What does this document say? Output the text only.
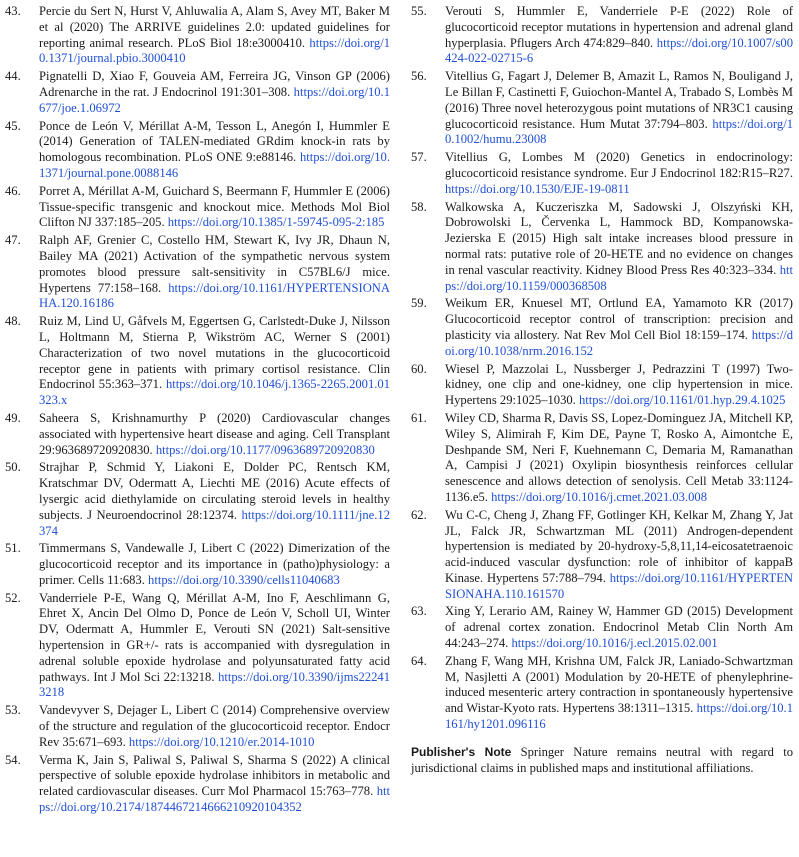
43. Percie du Sert N, Hurst V, Ahluwalia A, Alam S, Avey MT, Baker M et al (2020) The ARRIVE guidelines 2.0: updated guidelines for reporting animal research. PLoS Biol 18:e3000410. https://doi.org/10.1371/journal.pbio.3000410
44. Pignatelli D, Xiao F, Gouveia AM, Ferreira JG, Vinson GP (2006) Adrenarche in the rat. J Endocrinol 191:301–308. https://doi.org/10.1677/joe.1.06972
45. Ponce de León V, Mérillat A-M, Tesson L, Anegón I, Hummler E (2014) Generation of TALEN-mediated GRdim knock-in rats by homologous recombination. PLoS ONE 9:e88146. https://doi.org/10.1371/journal.pone.0088146
46. Porret A, Mérillat A-M, Guichard S, Beermann F, Hummler E (2006) Tissue-specific transgenic and knockout mice. Methods Mol Biol Clifton NJ 337:185–205. https://doi.org/10.1385/1-59745-095-2:185
47. Ralph AF, Grenier C, Costello HM, Stewart K, Ivy JR, Dhaun N, Bailey MA (2021) Activation of the sympathetic nervous system promotes blood pressure salt-sensitivity in C57BL6/J mice. Hypertens 77:158–168. https://doi.org/10.1161/HYPERTENSIONAHA.120.16186
48. Ruiz M, Lind U, Gåfvels M, Eggertsen G, Carlstedt-Duke J, Nilsson L, Holtmann M, Stierna P, Wikström AC, Werner S (2001) Characterization of two novel mutations in the glucocorticoid receptor gene in patients with primary cortisol resistance. Clin Endocrinol 55:363–371. https://doi.org/10.1046/j.1365-2265.2001.01323.x
49. Saheera S, Krishnamurthy P (2020) Cardiovascular changes associated with hypertensive heart disease and aging. Cell Transplant 29:963689720920830. https://doi.org/10.1177/0963689720920830
50. Strajhar P, Schmid Y, Liakoni E, Dolder PC, Rentsch KM, Kratschmar DV, Odermatt A, Liechti ME (2016) Acute effects of lysergic acid diethylamide on circulating steroid levels in healthy subjects. J Neuroendocrinol 28:12374. https://doi.org/10.1111/jne.12374
51. Timmermans S, Vandewalle J, Libert C (2022) Dimerization of the glucocorticoid receptor and its importance in (patho)physiology: a primer. Cells 11:683. https://doi.org/10.3390/cells11040683
52. Vanderriele P-E, Wang Q, Mérillat A-M, Ino F, Aeschlimann G, Ehret X, Ancin Del Olmo D, Ponce de León V, Scholl UI, Winter DV, Odermatt A, Hummler E, Verouti SN (2021) Salt-sensitive hypertension in GR+/- rats is accompanied with dysregulation in adrenal soluble epoxide hydrolase and polyunsaturated fatty acid pathways. Int J Mol Sci 22:13218. https://doi.org/10.3390/ijms222413218
53. Vandevyver S, Dejager L, Libert C (2014) Comprehensive overview of the structure and regulation of the glucocorticoid receptor. Endocr Rev 35:671–693. https://doi.org/10.1210/er.2014-1010
54. Verma K, Jain S, Paliwal S, Paliwal S, Sharma S (2022) A clinical perspective of soluble epoxide hydrolase inhibitors in metabolic and related cardiovascular diseases. Curr Mol Pharmacol 15:763–778. https://doi.org/10.2174/1874467214666210920104352
55. Verouti S, Hummler E, Vanderriele P-E (2022) Role of glucocorticoid receptor mutations in hypertension and adrenal gland hyperplasia. Pflugers Arch 474:829–840. https://doi.org/10.1007/s00424-022-02715-6
56. Vitellius G, Fagart J, Delemer B, Amazit L, Ramos N, Bouligand J, Le Billan F, Castinetti F, Guiochon-Mantel A, Trabado S, Lombès M (2016) Three novel heterozygous point mutations of NR3C1 causing glucocorticoid resistance. Hum Mutat 37:794–803. https://doi.org/10.1002/humu.23008
57. Vitellius G, Lombes M (2020) Genetics in endocrinology: glucocorticoid resistance syndrome. Eur J Endocrinol 182:R15–R27. https://doi.org/10.1530/EJE-19-0811
58. Walkowska A, Kuczeriszka M, Sadowski J, Olszyński KH, Dobrowolski L, Červenka L, Hammock BD, Kompanowska-Jezierska E (2015) High salt intake increases blood pressure in normal rats: putative role of 20-HETE and no evidence on changes in renal vascular reactivity. Kidney Blood Press Res 40:323–334. https://doi.org/10.1159/000368508
59. Weikum ER, Knuesel MT, Ortlund EA, Yamamoto KR (2017) Glucocorticoid receptor control of transcription: precision and plasticity via allostery. Nat Rev Mol Cell Biol 18:159–174. https://doi.org/10.1038/nrm.2016.152
60. Wiesel P, Mazzolai L, Nussberger J, Pedrazzini T (1997) Two-kidney, one clip and one-kidney, one clip hypertension in mice. Hypertens 29:1025–1030. https://doi.org/10.1161/01.hyp.29.4.1025
61. Wiley CD, Sharma R, Davis SS, Lopez-Dominguez JA, Mitchell KP, Wiley S, Alimirah F, Kim DE, Payne T, Rosko A, Aimontche E, Deshpande SM, Neri F, Kuehnemann C, Demaria M, Ramanathan A, Campisi J (2021) Oxylipin biosynthesis reinforces cellular senescence and allows detection of senolysis. Cell Metab 33:1124-1136.e5. https://doi.org/10.1016/j.cmet.2021.03.008
62. Wu C-C, Cheng J, Zhang FF, Gotlinger KH, Kelkar M, Zhang Y, Jat JL, Falck JR, Schwartzman ML (2011) Androgen-dependent hypertension is mediated by 20-hydroxy-5,8,11,14-eicosatetraenoic acid-induced vascular dysfunction: role of inhibitor of kappaB Kinase. Hypertens 57:788–794. https://doi.org/10.1161/HYPERTENSIONAHA.110.161570
63. Xing Y, Lerario AM, Rainey W, Hammer GD (2015) Development of adrenal cortex zonation. Endocrinol Metab Clin North Am 44:243–274. https://doi.org/10.1016/j.ecl.2015.02.001
64. Zhang F, Wang MH, Krishna UM, Falck JR, Laniado-Schwartzman M, Nasjletti A (2001) Modulation by 20-HETE of phenylephrine-induced mesenteric artery contraction in spontaneously hypertensive and Wistar-Kyoto rats. Hypertens 38:1311–1315. https://doi.org/10.1161/hy1201.096116
Publisher's Note Springer Nature remains neutral with regard to jurisdictional claims in published maps and institutional affiliations.
